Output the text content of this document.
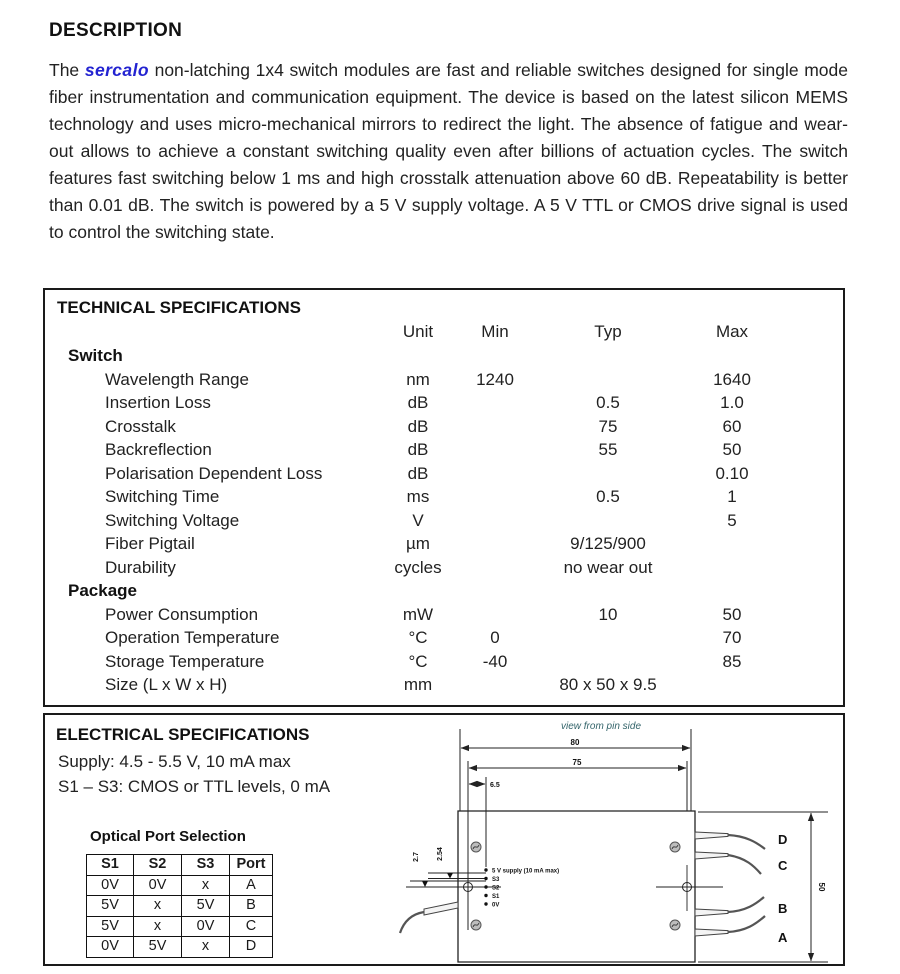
DESCRIPTION

The sercalo non-latching 1x4 switch modules are fast and reliable switches designed for single mode fiber instrumentation and communication equipment. The device is based on the latest silicon MEMS technology and uses micro-mechanical mirrors to redirect the light. The absence of fatigue and wear-out allows to achieve a constant switching quality even after billions of actuation cycles. The switch features fast switching below 1 ms and high crosstalk attenuation above 60 dB. Repeatability is better than 0.01 dB. The switch is powered by a 5 V supply voltage. A 5 V TTL or CMOS drive signal is used to control the switching state.

TECHNICAL SPECIFICATIONS
	Unit	Min	Typ	Max	
Switch					
Wavelength Range	nm	1240		1640	
Insertion Loss	dB		0.5	1.0	
Crosstalk	dB		75	60	
Backreflection	dB		55	50	
Polarisation Dependent Loss	dB			0.10	
Switching Time	ms		0.5	1	
Switching Voltage	V			5	
Fiber Pigtail	µm		9/125/900		
Durability	cycles		no wear out		
Package					
Power Consumption	mW		10	50	
Operation Temperature	°C	0		70	
Storage Temperature	°C	-40		85	
Size (L x W x H)	mm		80 x 50 x 9.5		
ELECTRICAL SPECIFICATIONS
Supply: 4.5 - 5.5 V, 10 mA max
S1 – S3: CMOS or TTL levels, 0 mA
Optical Port Selection
S1	S2	S3	Port
0V	0V	x	A
5V	x	5V	B
5V	x	0V	C
0V	5V	x	D
view from pin side
80
75
6.5
2.54
2.7
5 V supply (10 mA max)
S3
S2
S1
0V
D
C
B
A
50
